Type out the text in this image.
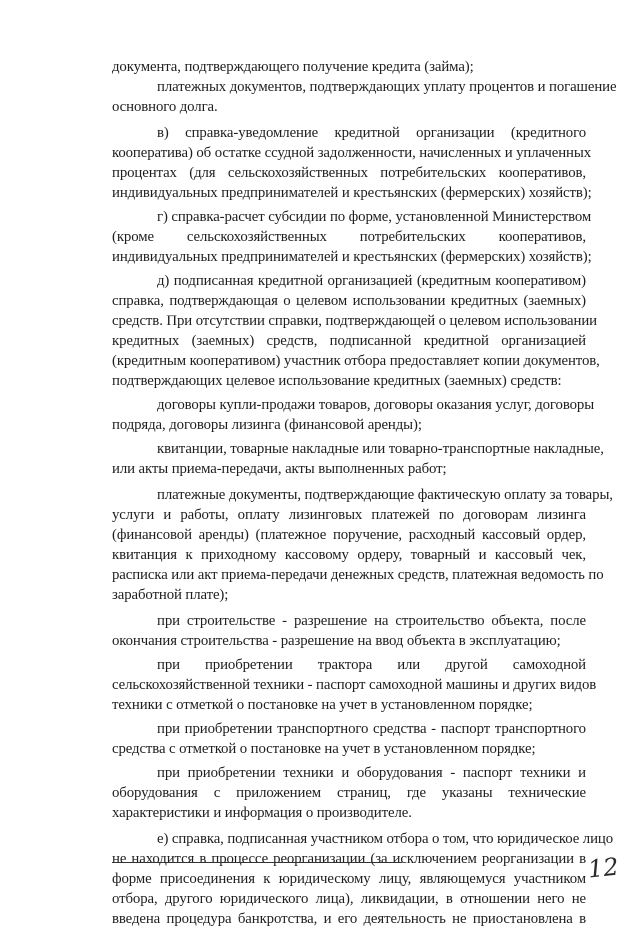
документа, подтверждающего получение кредита (займа);

платежных документов, подтверждающих уплату процентов и погашение

основного долга.

в) справка-уведомление кредитной организации (кредитного

кооператива) об остатке ссудной задолженности, начисленных и уплаченных

процентах (для сельскохозяйственных потребительских кооперативов,

индивидуальных предпринимателей и крестьянских (фермерских) хозяйств);

г) справка-расчет субсидии по форме, установленной Министерством

(кроме сельскохозяйственных потребительских кооперативов,

индивидуальных предпринимателей и крестьянских (фермерских) хозяйств);

д) подписанная кредитной организацией (кредитным кооперативом)

справка, подтверждающая о целевом использовании кредитных (заемных)

средств. При отсутствии справки, подтверждающей о целевом использовании

кредитных (заемных) средств, подписанной кредитной организацией

(кредитным кооперативом) участник отбора предоставляет копии документов,

подтверждающих целевое использование кредитных (заемных) средств:

договоры купли-продажи товаров, договоры оказания услуг, договоры

подряда, договоры лизинга (финансовой аренды);

квитанции, товарные накладные или товарно-транспортные накладные,

или акты приема-передачи, акты выполненных работ;

платежные документы, подтверждающие фактическую оплату за товары,

услуги и работы, оплату лизинговых платежей по договорам лизинга

(финансовой аренды) (платежное поручение, расходный кассовый ордер,

квитанция к приходному кассовому ордеру, товарный и кассовый чек,

расписка или акт приема-передачи денежных средств, платежная ведомость по

заработной плате);

при строительстве - разрешение на строительство объекта, после

окончания строительства - разрешение на ввод объекта в эксплуатацию;

при приобретении трактора или другой самоходной

сельскохозяйственной техники - паспорт самоходной машины и других видов

техники с отметкой о постановке на учет в установленном порядке;

при приобретении транспортного средства - паспорт транспортного

средства с отметкой о постановке на учет в установленном порядке;

при приобретении техники и оборудования - паспорт техники и

оборудования с приложением страниц, где указаны технические

характеристики и информация о производителе.

е) справка, подписанная участником отбора о том, что юридическое лицо

не находится в процессе реорганизации (за исключением реорганизации в

форме присоединения к юридическому лицу, являющемуся участником

отбора, другого юридического лица), ликвидации, в отношении него не

введена процедура банкротства, и его деятельность не приостановлена в

12
